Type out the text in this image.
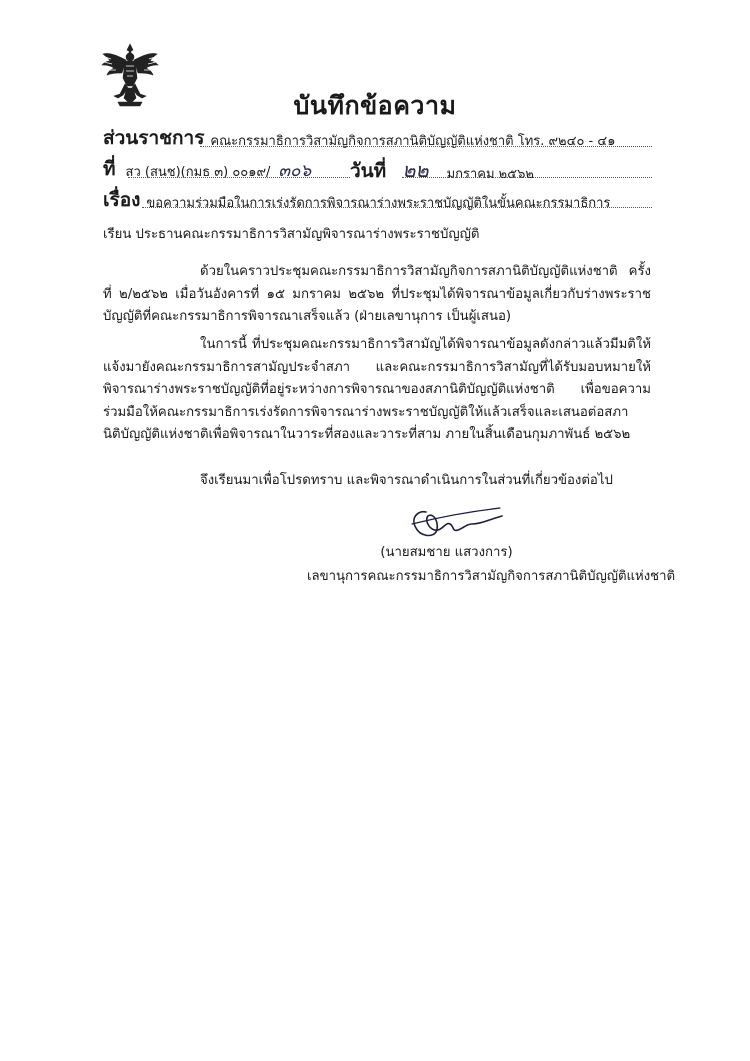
บันทึกข้อความ
ส่วนราชการ คณะกรรมาธิการวิสามัญกิจการสภานิติบัญญัติแห่งชาติ โทร. ๙๒๔๐ - ๔๑
ที่ สว (สนช)(กมธ ๓) ๐๐๑๙/ ๓๐๖ วันที่ ๒๒	มกราคม ๒๕๖๒
เรื่อง ขอความร่วมมือในการเร่งรัดการพิจารณาร่างพระราชบัญญัติในขั้นคณะกรรมาธิการ
เรียน ประธานคณะกรรมาธิการวิสามัญพิจารณาร่างพระราชบัญญัติ
ด้วยในคราวประชุมคณะกรรมาธิการวิสามัญกิจการสภานิติบัญญัติแห่งชาติ ครั้งที่ ๒/๒๕๖๒ เมื่อวันอังคารที่ ๑๕ มกราคม ๒๕๖๒ ที่ประชุมได้พิจารณาข้อมูลเกี่ยวกับร่างพระราชบัญญัติที่คณะกรรมาธิการพิจารณาเสร็จแล้ว (ฝ่ายเลขานุการ เป็นผู้เสนอ)
ในการนี้ ที่ประชุมคณะกรรมาธิการวิสามัญได้พิจารณาข้อมูลดังกล่าวแล้วมีมติให้แจ้งมายังคณะกรรมาธิการสามัญประจำสภา และคณะกรรมาธิการวิสามัญที่ได้รับมอบหมายให้พิจารณาร่างพระราชบัญญัติที่อยู่ระหว่างการพิจารณาของสภานิติบัญญัติแห่งชาติ เพื่อขอความร่วมมือให้คณะกรรมาธิการเร่งรัดการพิจารณาร่างพระราชบัญญัติให้แล้วเสร็จและเสนอต่อสภานิติบัญญัติแห่งชาติเพื่อพิจารณาในวาระที่สองและวาระที่สาม ภายในสิ้นเดือนกุมภาพันธ์ ๒๕๖๒
จึงเรียนมาเพื่อโปรดทราบ และพิจารณาดำเนินการในส่วนที่เกี่ยวข้องต่อไป
(นายสมชาย แสวงการ)
เลขานุการคณะกรรมาธิการวิสามัญกิจการสภานิติบัญญัติแห่งชาติ
